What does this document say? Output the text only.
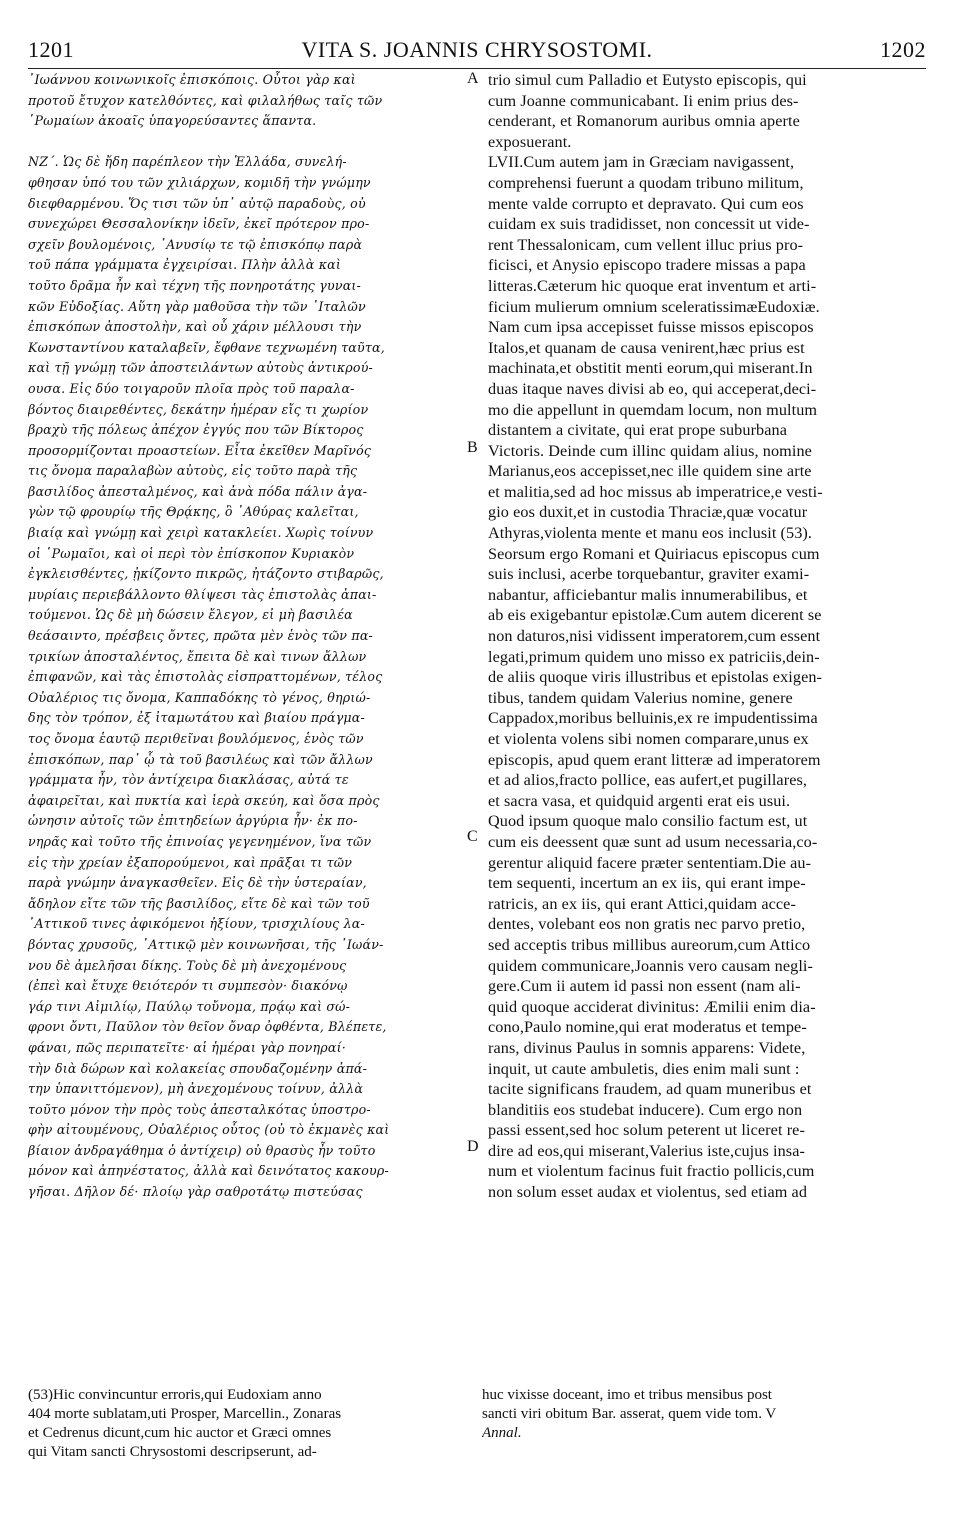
1201	VITA S. JOANNIS CHRYSOSTOMI.	1202
᾿Ιωάννου κοινωνικοῖς ἐπισκόποις. Οὗτοι γὰρ καὶ
προτοῦ ἔτυχον κατελθόντες, καὶ φιλαλήθως ταῖς τῶν
῾Ρωμαίων ἀκοαῖς ὑπαγορεύσαντες ἅπαντα.
ΝΖ΄. Ὡς δὲ ἤδη παρέπλεον τὴν Ἑλλάδα, συνελή-
φθησαν ὑπό του τῶν χιλιάρχων, κομιδῆ τὴν γνώμην
διεφθαρμένου. Ὅς τισι τῶν ὑπ᾿ αὐτῷ παραδοὺς, οὐ
συνεχώρει Θεσσαλονίκην ἰδεῖν, ἐκεῖ πρότερον προ-
σχεῖν βουλομένοις, ᾿Ανυσίῳ τε τῷ ἐπισκόπῳ παρὰ
τοῦ πάπα γράμματα ἐγχειρίσαι. Πλὴν ἀλλὰ καὶ
τοῦτο δρᾶμα ἦν καὶ τέχνη τῆς πονηροτάτης γυναι-
κῶν Εὐδοξίας. Αὕτη γὰρ μαθοῦσα τὴν τῶν ᾿Ιταλῶν
ἐπισκόπων ἀποστολὴν, καὶ οὗ χάριν μέλλουσι τὴν
Κωνσταντίνου καταλαβεῖν, ἔφθανε τεχνωμένη ταῦτα,
καὶ τῇ γνώμῃ τῶν ἀποστειλάντων αὐτοὺς ἀντικρού-
ουσα. Εἰς δύο τοιγαροῦν πλοῖα πρὸς τοῦ παραλα-
βόντος διαιρεθέντες, δεκάτην ἡμέραν εἴς τι χωρίον
βραχὺ τῆς πόλεως ἀπέχον ἐγγύς που τῶν Βίκτορος
προσορμίζονται προαστείων. Εἶτα ἐκεῖθεν Μαρῖνός
τις ὄνομα παραλαβὼν αὐτοὺς, εἰς τοῦτο παρὰ τῆς
βασιλίδος ἀπεσταλμένος, καὶ ἀνὰ πόδα πάλιν ἀγα-
γὼν τῷ φρουρίῳ τῆς Θρᾴκης, ὃ ᾿Αθύρας καλεῖται,
βιαίᾳ καὶ γνώμῃ καὶ χειρὶ κατακλείει. Χωρὶς τοίνυν
οἱ ῾Ρωμαῖοι, καὶ οἱ περὶ τὸν ἐπίσκοπον Κυριακὸν
ἐγκλεισθέντες, ᾐκίζοντο πικρῶς, ἠτάζοντο στιβαρῶς,
μυρίαις περιεβάλλοντο θλίψεσι τὰς ἐπιστολὰς ἀπαι-
τούμενοι. Ὡς δὲ μὴ δώσειν ἔλεγον, εἰ μὴ βασιλέα
θεάσαιντο, πρέσβεις ὄντες, πρῶτα μὲν ἑνὸς τῶν πα-
τρικίων ἀποσταλέντος, ἔπειτα δὲ καὶ τινων ἄλλων
ἐπιφανῶν, καὶ τὰς ἐπιστολὰς εἰσπραττομένων, τέλος
Οὐαλέριος τις ὄνομα, Καππαδόκης τὸ γένος, θηριώ-
δης τὸν τρόπον, ἐξ ἰταμωτάτου καὶ βιαίου πράγμα-
τος ὄνομα ἑαυτῷ περιθεῖναι βουλόμενος, ἑνὸς τῶν
ἐπισκόπων, παρ᾿ ᾧ τὰ τοῦ βασιλέως καὶ τῶν ἄλλων
γράμματα ἦν, τὸν ἀντίχειρα διακλάσας, αὐτά τε
ἀφαιρεῖται, καὶ πυκτία καὶ ἱερὰ σκεύη, καὶ ὅσα πρὸς
ὠνησιν αὐτοῖς τῶν ἐπιτηδείων ἀργύρια ἦν· ἐκ πο-
νηρᾶς καὶ τοῦτο τῆς ἐπινοίας γεγενημένον, ἵνα τῶν
εἰς τὴν χρείαν ἐξαπορούμενοι, καὶ πρᾶξαι τι τῶν
παρὰ γνώμην ἀναγκασθεῖεν. Εἰς δὲ τὴν ὑστεραίαν,
ἄδηλον εἴτε τῶν τῆς βασιλίδος, εἴτε δὲ καὶ τῶν τοῦ
᾿Αττικοῦ τινες ἀφικόμενοι ἠξίουν, τρισχιλίους λα-
βόντας χρυσοῦς, ᾿Αττικῷ μὲν κοινωνῆσαι, τῆς ᾿Ιωάν-
νου δὲ ἀμελῆσαι δίκης. Τοὺς δὲ μὴ ἀνεχομένους
(ἐπεὶ καὶ ἔτυχε θειότερόν τι συμπεσὸν· διακόνῳ
γάρ τινι Αἰμιλίῳ, Παύλῳ τοὔνομα, πρᾴῳ καὶ σώ-
φρονι ὄντι, Παῦλον τὸν θεῖον ὄναρ ὀφθέντα, Βλέπετε,
φάναι, πῶς περιπατεῖτε· αἱ ἡμέραι γὰρ πονηραί·
τὴν διὰ δώρων καὶ κολακείας σπουδαζομένην ἀπά-
την ὑπανιττόμενον), μὴ ἀνεχομένους τοίνυν, ἀλλὰ
τοῦτο μόνον τὴν πρὸς τοὺς ἀπεσταλκότας ὑποστρο-
φὴν αἰτουμένους, Οὐαλέριος οὗτος (οὐ τὸ ἐκμανὲς καὶ
βίαιον ἀνδραγάθημα ὁ ἀντίχειρ) οὐ θρασὺς ἦν τοῦτο
μόνον καὶ ἀπηνέστατος, ἀλλὰ καὶ δεινότατος κακουρ-
γῆσαι. Δῆλον δέ· πλοίῳ γὰρ σαθροτάτῳ πιστεύσας
A
B
C
D
trio simul cum Palladio et Eutysto episcopis, qui
cum Joanne communicabant. Ii enim prius des-
cenderant, et Romanorum auribus omnia aperte
exposuerant.
LVII.Cum autem jam in Græciam navigassent,
comprehensi fuerunt a quodam tribuno militum,
mente valde corrupto et depravato. Qui cum eos
cuidam ex suis tradidisset, non concessit ut vide-
rent Thessalonicam, cum vellent illuc prius pro-
ficisci, et Anysio episcopo tradere missas a papa
litteras.Cæterum hic quoque erat inventum et arti-
ficium mulierum omnium sceleratissimæEudoxiæ.
Nam cum ipsa accepisset fuisse missos episcopos
Italos,et quanam de causa venirent,hæc prius est
machinata,et obstitit menti eorum,qui miserant.In
duas itaque naves divisi ab eo, qui acceperat,deci-
mo die appellunt in quemdam locum, non multum
distantem a civitate, qui erat prope suburbana
Victoris. Deinde cum illinc quidam alius, nomine
Marianus,eos accepisset,nec ille quidem sine arte
et malitia,sed ad hoc missus ab imperatrice,e vesti-
gio eos duxit,et in custodia Thraciæ,quæ vocatur
Athyras,violenta mente et manu eos inclusit (53).
Seorsum ergo Romani et Quiriacus episcopus cum
suis inclusi, acerbe torquebantur, graviter exami-
nabantur, afficiebantur malis innumerabilibus, et
ab eis exigebantur epistolæ.Cum autem dicerent se
non daturos,nisi vidissent imperatorem,cum essent
legati,primum quidem uno misso ex patriciis,dein-
de aliis quoque viris illustribus et epistolas exigen-
tibus, tandem quidam Valerius nomine, genere
Cappadox,moribus belluinis,ex re impudentissima
et violenta volens sibi nomen comparare,unus ex
episcopis, apud quem erant litteræ ad imperatorem
et ad alios,fracto pollice, eas aufert,et pugillares,
et sacra vasa, et quidquid argenti erat eis usui.
Quod ipsum quoque malo consilio factum est, ut
cum eis deessent quæ sunt ad usum necessaria,co-
gerentur aliquid facere præter sententiam.Die au-
tem sequenti, incertum an ex iis, qui erant impe-
ratricis, an ex iis, qui erant Attici,quidam acce-
dentes, volebant eos non gratis nec parvo pretio,
sed acceptis tribus millibus aureorum,cum Attico
quidem communicare,Joannis vero causam negli-
gere.Cum ii autem id passi non essent (nam ali-
quid quoque acciderat divinitus: Æmilii enim dia-
cono,Paulo nomine,qui erat moderatus et tempe-
rans, divinus Paulus in somnis apparens: Videte,
inquit, ut caute ambuletis, dies enim mali sunt :
tacite significans fraudem, ad quam muneribus et
blanditiis eos studebat inducere). Cum ergo non
passi essent,sed hoc solum peterent ut liceret re-
dire ad eos,qui miserant,Valerius iste,cujus insa-
num et violentum facinus fuit fractio pollicis,cum
non solum esset audax et violentus, sed etiam ad
(53)Hic convincuntur erroris,qui Eudoxiam anno
404 morte sublatam,uti Prosper, Marcellin., Zonaras
et Cedrenus dicunt,cum hic auctor et Græci omnes
qui Vitam sancti Chrysostomi descripserunt, ad-
huc vixisse doceant, imo et tribus mensibus post
sancti viri obitum Bar. asserat, quem vide tom. V
Annal.
